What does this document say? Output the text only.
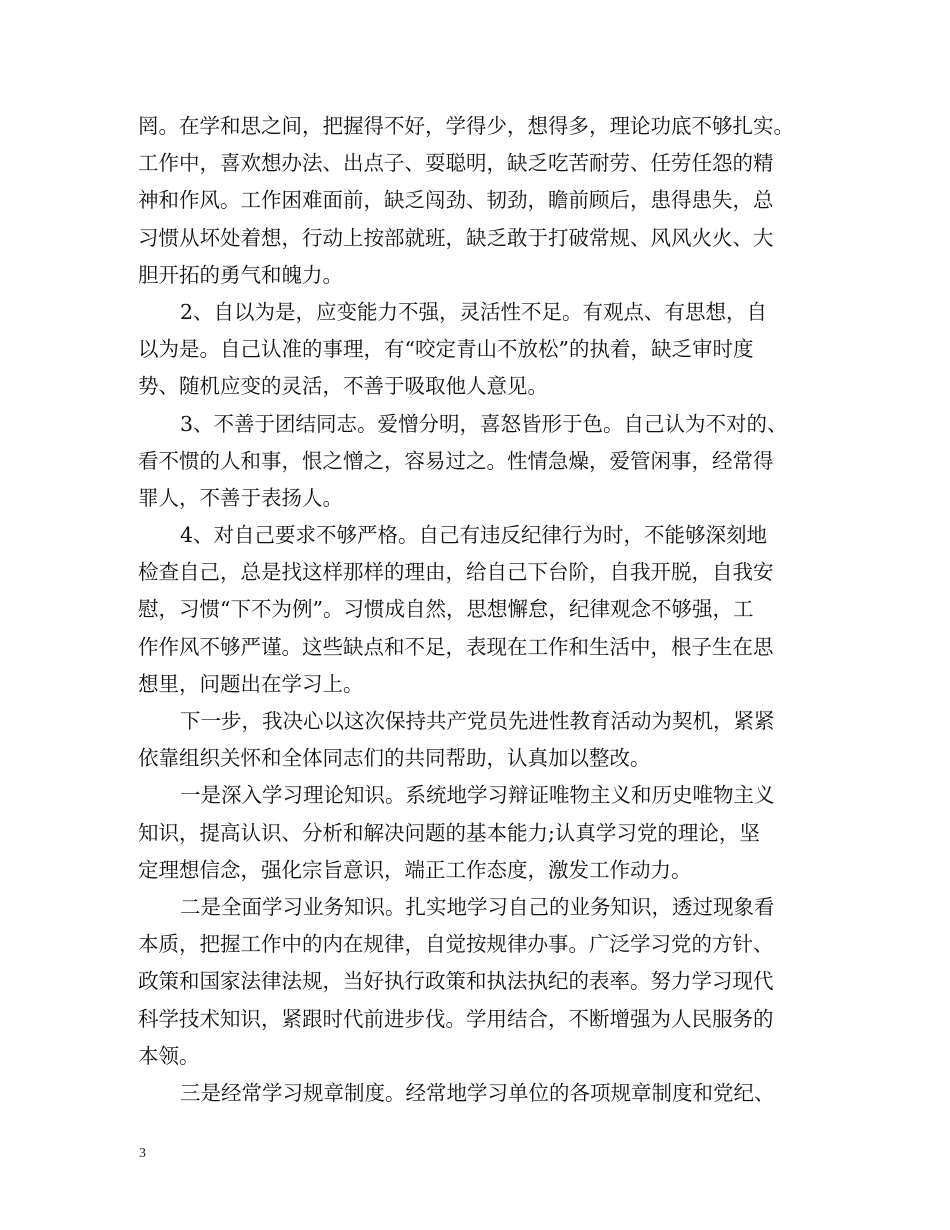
罔。在学和思之间，把握得不好，学得少，想得多，理论功底不够扎实。
工作中，喜欢想办法、出点子、耍聪明，缺乏吃苦耐劳、任劳任怨的精
神和作风。工作困难面前，缺乏闯劲、韧劲，瞻前顾后，患得患失，总
习惯从坏处着想，行动上按部就班，缺乏敢于打破常规、风风火火、大
胆开拓的勇气和魄力。
2、自以为是，应变能力不强，灵活性不足。有观点、有思想，自
以为是。自己认准的事理，有“咬定青山不放松”的执着，缺乏审时度
势、随机应变的灵活，不善于吸取他人意见。
3、不善于团结同志。爱憎分明，喜怒皆形于色。自己认为不对的、
看不惯的人和事，恨之憎之，容易过之。性情急燥，爱管闲事，经常得
罪人，不善于表扬人。
4、对自己要求不够严格。自己有违反纪律行为时，不能够深刻地
检查自己，总是找这样那样的理由，给自己下台阶，自我开脱，自我安
慰，习惯“下不为例”。习惯成自然，思想懈怠，纪律观念不够强，工
作作风不够严谨。这些缺点和不足，表现在工作和生活中，根子生在思
想里，问题出在学习上。
下一步，我决心以这次保持共产党员先进性教育活动为契机，紧紧
依靠组织关怀和全体同志们的共同帮助，认真加以整改。
一是深入学习理论知识。系统地学习辩证唯物主义和历史唯物主义
知识，提高认识、分析和解决问题的基本能力;认真学习党的理论，坚
定理想信念，强化宗旨意识，端正工作态度，激发工作动力。
二是全面学习业务知识。扎实地学习自己的业务知识，透过现象看
本质，把握工作中的内在规律，自觉按规律办事。广泛学习党的方针、
政策和国家法律法规，当好执行政策和执法执纪的表率。努力学习现代
科学技术知识，紧跟时代前进步伐。学用结合，不断增强为人民服务的
本领。
三是经常学习规章制度。经常地学习单位的各项规章制度和党纪、
3
